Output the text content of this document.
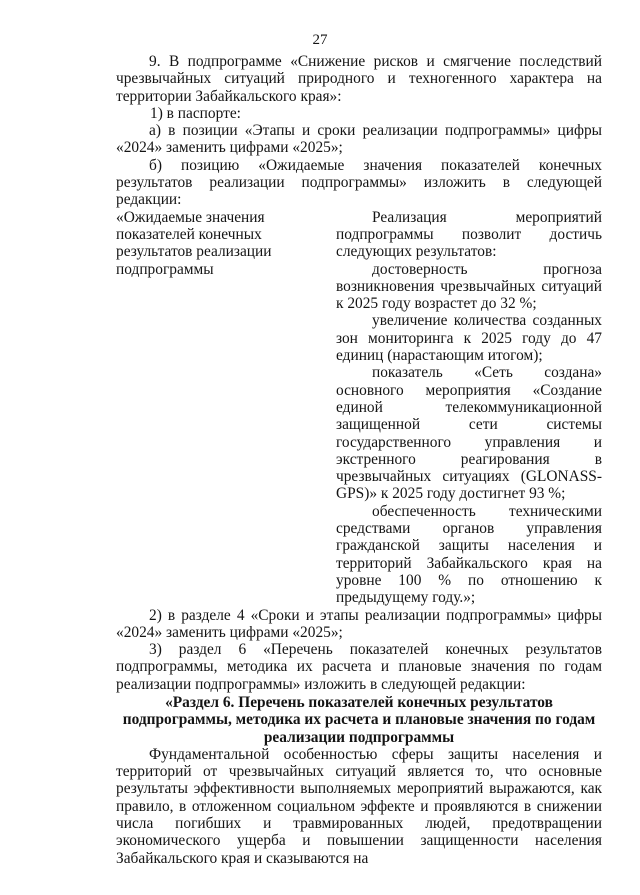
27

9. В подпрограмме «Снижение рисков и смягчение последствий чрезвычайных ситуаций природного и техногенного характера на территории Забайкальского края»:

1) в паспорте:

а) в позиции «Этапы и сроки реализации подпрограммы» цифры «2024» заменить цифрами «2025»;

б) позицию «Ожидаемые значения показателей конечных результатов реализации подпрограммы» изложить в следующей редакции:

«Ожидаемые значения показателей конечных результатов реализации подпрограммы

Реализация мероприятий подпрограммы позволит достичь следующих результатов:

достоверность прогноза возникновения чрезвычайных ситуаций к 2025 году возрастет до 32 %;

увеличение количества созданных зон мониторинга к 2025 году до 47 единиц (нарастающим итогом);

показатель «Сеть создана» основного мероприятия «Создание единой телекоммуникационной защищенной сети системы государственного управления и экстренного реагирования в чрезвычайных ситуациях (GLONASS-GPS)» к 2025 году достигнет 93 %;

обеспеченность техническими средствами органов управления гражданской защиты населения и территорий Забайкальского края на уровне 100 % по отношению к предыдущему году.»;

2) в разделе 4 «Сроки и этапы реализации подпрограммы» цифры «2024» заменить цифрами «2025»;

3) раздел 6 «Перечень показателей конечных результатов подпрограммы, методика их расчета и плановые значения по годам реализации подпрограммы» изложить в следующей редакции:

«Раздел 6. Перечень показателей конечных результатов подпрограммы, методика их расчета и плановые значения по годам реализации подпрограммы

Фундаментальной особенностью сферы защиты населения и территорий от чрезвычайных ситуаций является то, что основные результаты эффективности выполняемых мероприятий выражаются, как правило, в отложенном социальном эффекте и проявляются в снижении числа погибших и травмированных людей, предотвращении экономического ущерба и повышении защищенности населения Забайкальского края и сказываются на
